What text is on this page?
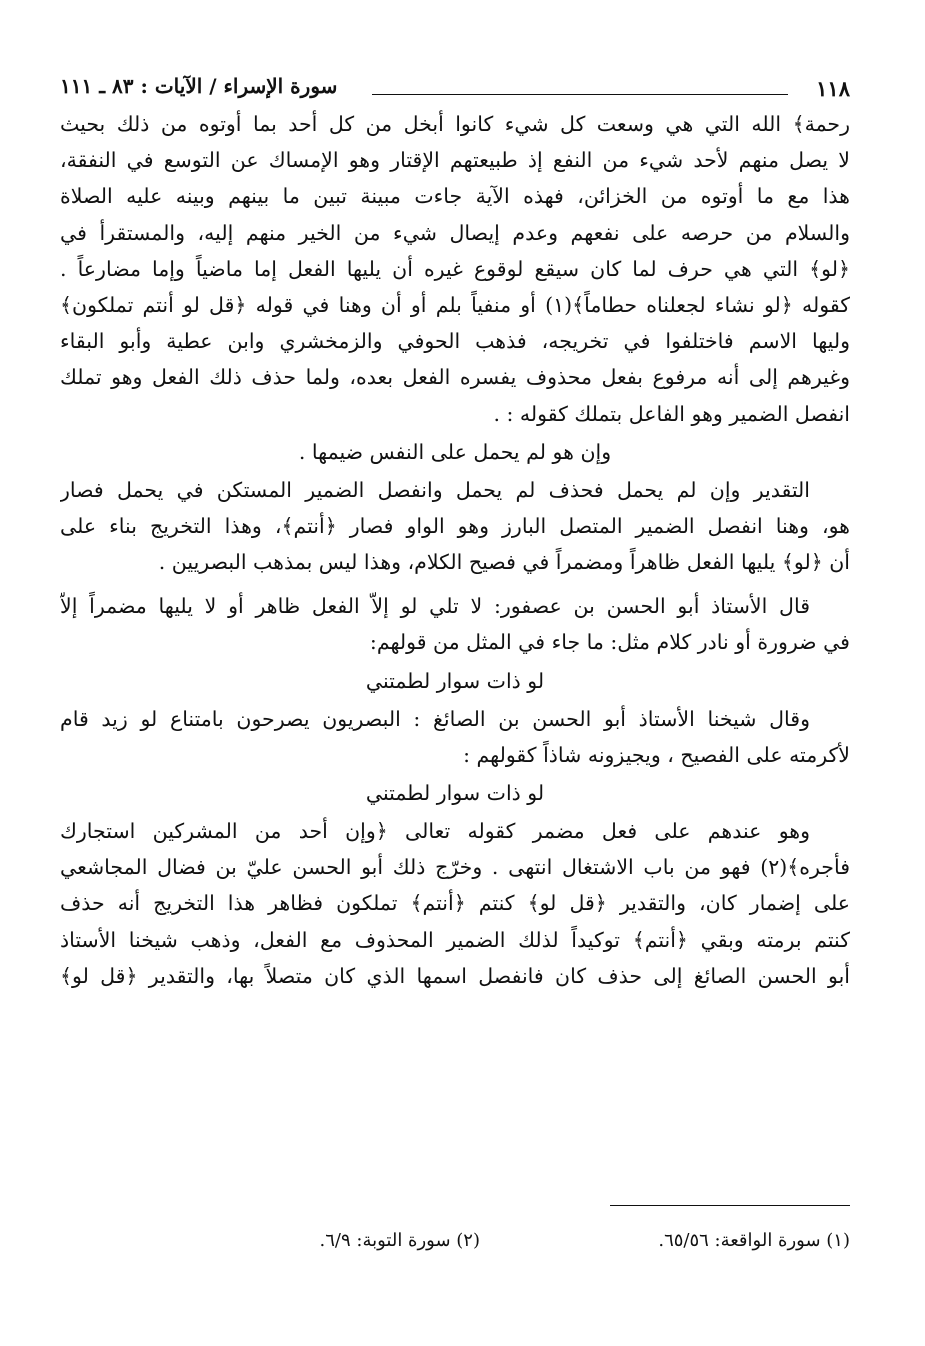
١١٨
سورة الإسراء / الآيات : ٨٣ ـ ١١١
رحمة﴾ الله التي هي وسعت كل شيء كانوا أبخل من كل أحد بما أوتوه من ذلك بحيث
لا يصل منهم لأحد شيء من النفع إذ طبيعتهم الإقتار وهو الإمساك عن التوسع في النفقة،
هذا مع ما أوتوه من الخزائن، فهذه الآية جاءت مبينة تبين ما بينهم وبينه عليه الصلاة
والسلام من حرصه على نفعهم وعدم إيصال شيء من الخير منهم إليه، والمستقرأ في
﴿لو﴾ التي هي حرف لما كان سيقع لوقوع غيره أن يليها الفعل إما ماضياً وإما مضارعاً .
كقوله ﴿لو نشاء لجعلناه حطاماً﴾(١) أو منفياً بلم أو أن وهنا في قوله ﴿قل لو أنتم تملكون﴾
وليها الاسم فاختلفوا في تخريجه، فذهب الحوفي والزمخشري وابن عطية وأبو البقاء
وغيرهم إلى أنه مرفوع بفعل محذوف يفسره الفعل بعده، ولما حذف ذلك الفعل وهو تملك
انفصل الضمير وهو الفاعل بتملك كقوله : .
وإن هو لم يحمل على النفس ضيمها .
التقدير وإن لم يحمل فحذف لم يحمل وانفصل الضمير المستكن في يحمل فصار
هو، وهنا انفصل الضمير المتصل البارز وهو الواو فصار ﴿أنتم﴾، وهذا التخريج بناء على
أن ﴿لو﴾ يليها الفعل ظاهراً ومضمراً في فصيح الكلام، وهذا ليس بمذهب البصريين .
قال الأستاذ أبو الحسن بن عصفور: لا تلي لو إلاّ الفعل ظاهر أو لا يليها مضمراً إلاّ
في ضرورة أو نادر كلام مثل: ما جاء في المثل من قولهم:
لو ذات سوار لطمتني
وقال شيخنا الأستاذ أبو الحسن بن الصائغ : البصريون يصرحون بامتناع لو زيد قام
لأكرمته على الفصيح ، ويجيزونه شاذاً كقولهم :
لو ذات سوار لطمتني
وهو عندهم على فعل مضمر كقوله تعالى ﴿وإن أحد من المشركين استجارك
فأجره﴾(٢) فهو من باب الاشتغال انتهى . وخرّج ذلك أبو الحسن عليّ بن فضال المجاشعي
على إضمار كان، والتقدير ﴿قل لو﴾ كنتم ﴿أنتم﴾ تملكون فظاهر هذا التخريج أنه حذف
كنتم برمته وبقي ﴿أنتم﴾ توكيداً لذلك الضمير المحذوف مع الفعل، وذهب شيخنا الأستاذ
أبو الحسن الصائغ إلى حذف كان فانفصل اسمها الذي كان متصلاً بها، والتقدير ﴿قل لو﴾
(١) سورة الواقعة: ٦٥/٥٦.
(٢) سورة التوبة: ٦/٩.
